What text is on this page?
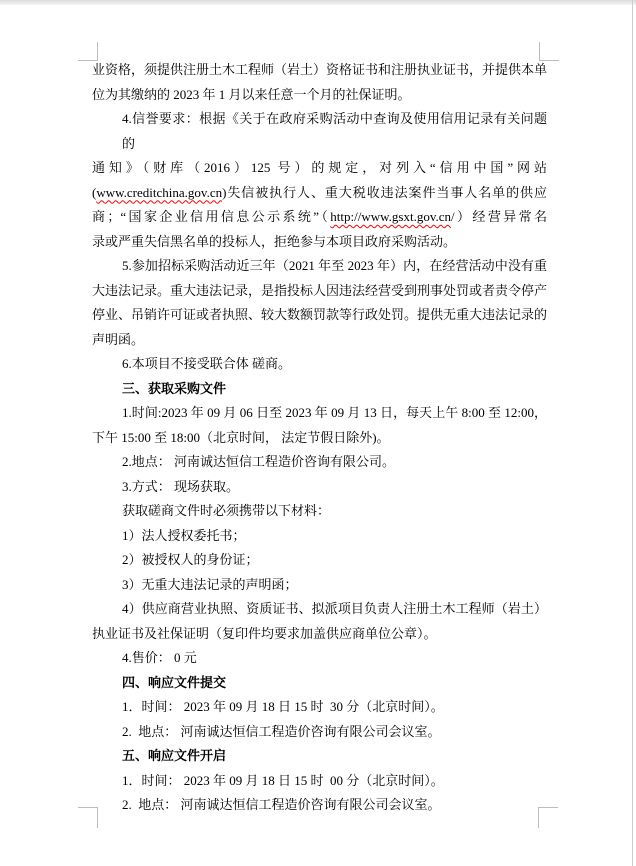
业资格，须提供注册土木工程师（岩土）资格证书和注册执业证书，并提供本单
位为其缴纳的 2023 年 1 月以来任意一个月的社保证明。
4.信誉要求：根据《关于在政府采购活动中查询及使用信用记录有关问题的
通知》（财库（2016）125 号）的规定，对列入“信用中国”网站
(www.creditchina.gov.cn)失信被执行人、重大税收违法案件当事人名单的供应
商；“国家企业信用信息公示系统”（http://www.gsxt.gov.cn/）经营异常名
录或严重失信黑名单的投标人，拒绝参与本项目政府采购活动。
5.参加招标采购活动近三年（2021 年至 2023 年）内，在经营活动中没有重
大违法记录。重大违法记录，是指投标人因违法经营受到刑事处罚或者责令停产
停业、吊销许可证或者执照、较大数额罚款等行政处罚。提供无重大违法记录的
声明函。
6.本项目不接受联合体 磋商。
三、获取采购文件
1.时间:2023 年 09 月 06 日至 2023 年 09 月 13 日，每天上午 8:00 至 12:00，
下午 15:00 至 18:00（北京时间， 法定节假日除外)。
2.地点： 河南诚达恒信工程造价咨询有限公司。
3.方式： 现场获取。
获取磋商文件时必须携带以下材料：
1）法人授权委托书；
2）被授权人的身份证；
3）无重大违法记录的声明函；
4）供应商营业执照、资质证书、拟派项目负责人注册土木工程师（岩土）
执业证书及社保证明（复印件均要求加盖供应商单位公章）。
4.售价： 0 元
四、响应文件提交
1．时间： 2023 年 09 月 18 日 15 时  30 分（北京时间）。
2.  地点： 河南诚达恒信工程造价咨询有限公司会议室。
五、响应文件开启
1．时间： 2023 年 09 月 18 日 15 时  00 分（北京时间）。
2.  地点： 河南诚达恒信工程造价咨询有限公司会议室。
